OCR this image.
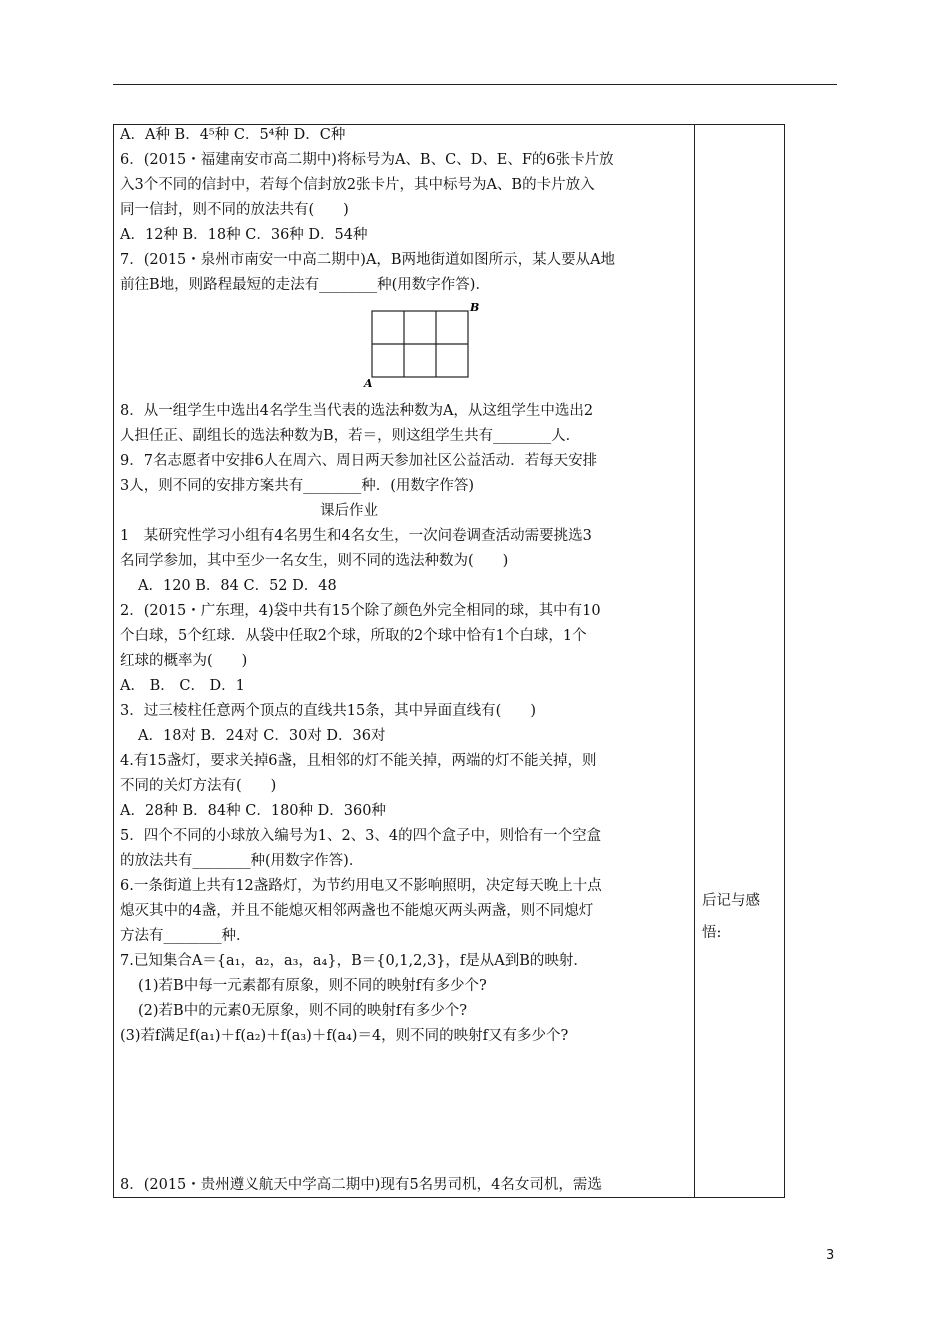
A．A种 B．4⁵种 C．5⁴种 D．C种
6．(2015・福建南安市高二期中)将标号为A、B、C、D、E、F的6张卡片放
入3个不同的信封中，若每个信封放2张卡片，其中标号为A、B的卡片放入
同一信封，则不同的放法共有(　　)
A．12种 B．18种 C．36种 D．54种
7．(2015・泉州市南安一中高二期中)A，B两地街道如图所示，某人要从A地
前往B地，则路程最短的走法有________种(用数字作答)．
A
B
8．从一组学生中选出4名学生当代表的选法种数为A，从这组学生中选出2
人担任正、副组长的选法种数为B，若＝，则这组学生共有________人．
9．7名志愿者中安排6人在周六、周日两天参加社区公益活动．若每天安排
3人，则不同的安排方案共有________种．(用数字作答)
课后作业
1　某研究性学习小组有4名男生和4名女生，一次问卷调查活动需要挑选3
名同学参加，其中至少一名女生，则不同的选法种数为(　　)
A．120 B．84 C．52 D．48
2．(2015・广东理，4)袋中共有15个除了颜色外完全相同的球，其中有10
个白球，5个红球．从袋中任取2个球，所取的2个球中恰有1个白球，1个
红球的概率为(　　)
A． B． C． D．1
3．过三棱柱任意两个顶点的直线共15条，其中异面直线有(　　)
A．18对 B．24对 C．30对 D．36对
4.有15盏灯，要求关掉6盏，且相邻的灯不能关掉，两端的灯不能关掉，则
不同的关灯方法有(　　)
A．28种 B．84种 C．180种 D．360种
5．四个不同的小球放入编号为1、2、3、4的四个盒子中，则恰有一个空盒
的放法共有________种(用数字作答)．
6.一条街道上共有12盏路灯，为节约用电又不影响照明，决定每天晚上十点
熄灭其中的4盏，并且不能熄灭相邻两盏也不能熄灭两头两盏，则不同熄灯
方法有________种．
7.已知集合A＝{a₁，a₂，a₃，a₄}，B＝{0,1,2,3}，f是从A到B的映射．
(1)若B中每一元素都有原象，则不同的映射f有多少个?
(2)若B中的元素0无原象，则不同的映射f有多少个?
(3)若f满足f(a₁)＋f(a₂)＋f(a₃)＋f(a₄)＝4，则不同的映射f又有多少个?
8．(2015・贵州遵义航天中学高二期中)现有5名男司机，4名女司机，需选
后记与感
悟:
3
